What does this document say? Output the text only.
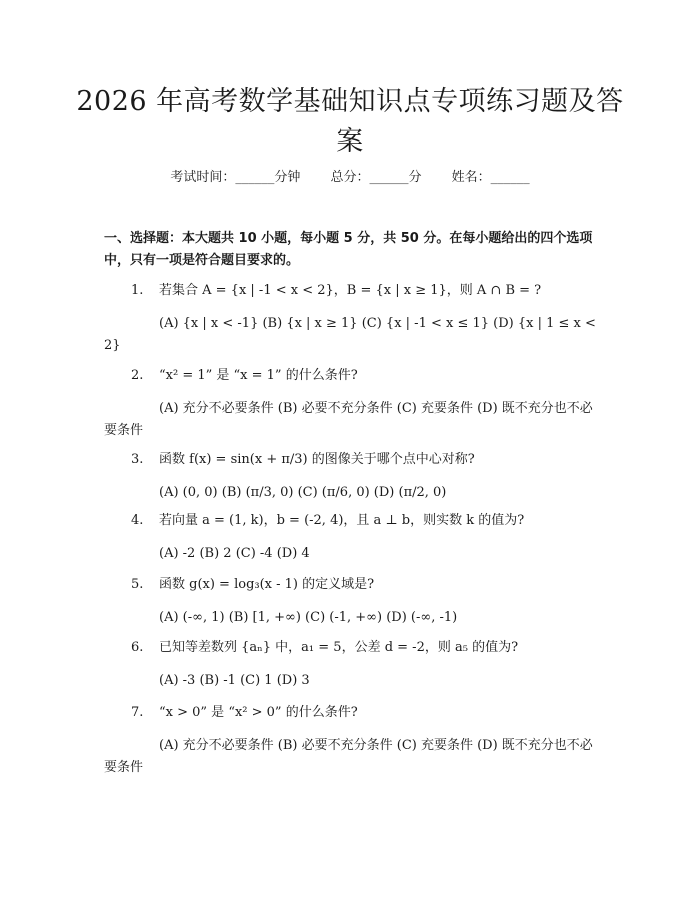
2026 年高考数学基础知识点专项练习题及答案
考试时间：______分钟 总分：______分 姓名：______
一、选择题：本大题共 10 小题，每小题 5 分，共 50 分。在每小题给出的四个选项中，只有一项是符合题目要求的。
1. 若集合 A = {x | -1 < x < 2}，B = {x | x ≥ 1}，则 A ∩ B = ?
(A) {x | x < -1} (B) {x | x ≥ 1} (C) {x | -1 < x ≤ 1} (D) {x | 1 ≤ x < 2}
2. “x² = 1” 是 “x = 1” 的什么条件?
(A) 充分不必要条件 (B) 必要不充分条件 (C) 充要条件 (D) 既不充分也不必要条件
3. 函数 f(x) = sin(x + π/3) 的图像关于哪个点中心对称?
(A) (0, 0) (B) (π/3, 0) (C) (π/6, 0) (D) (π/2, 0)
4. 若向量 a = (1, k)，b = (-2, 4)，且 a ⊥ b，则实数 k 的值为?
(A) -2 (B) 2 (C) -4 (D) 4
5. 函数 g(x) = log₃(x - 1) 的定义域是?
(A) (-∞, 1) (B) [1, +∞) (C) (-1, +∞) (D) (-∞, -1)
6. 已知等差数列 {aₙ} 中，a₁ = 5，公差 d = -2，则 a₅ 的值为?
(A) -3 (B) -1 (C) 1 (D) 3
7. “x > 0” 是 “x² > 0” 的什么条件?
(A) 充分不必要条件 (B) 必要不充分条件 (C) 充要条件 (D) 既不充分也不必要条件
